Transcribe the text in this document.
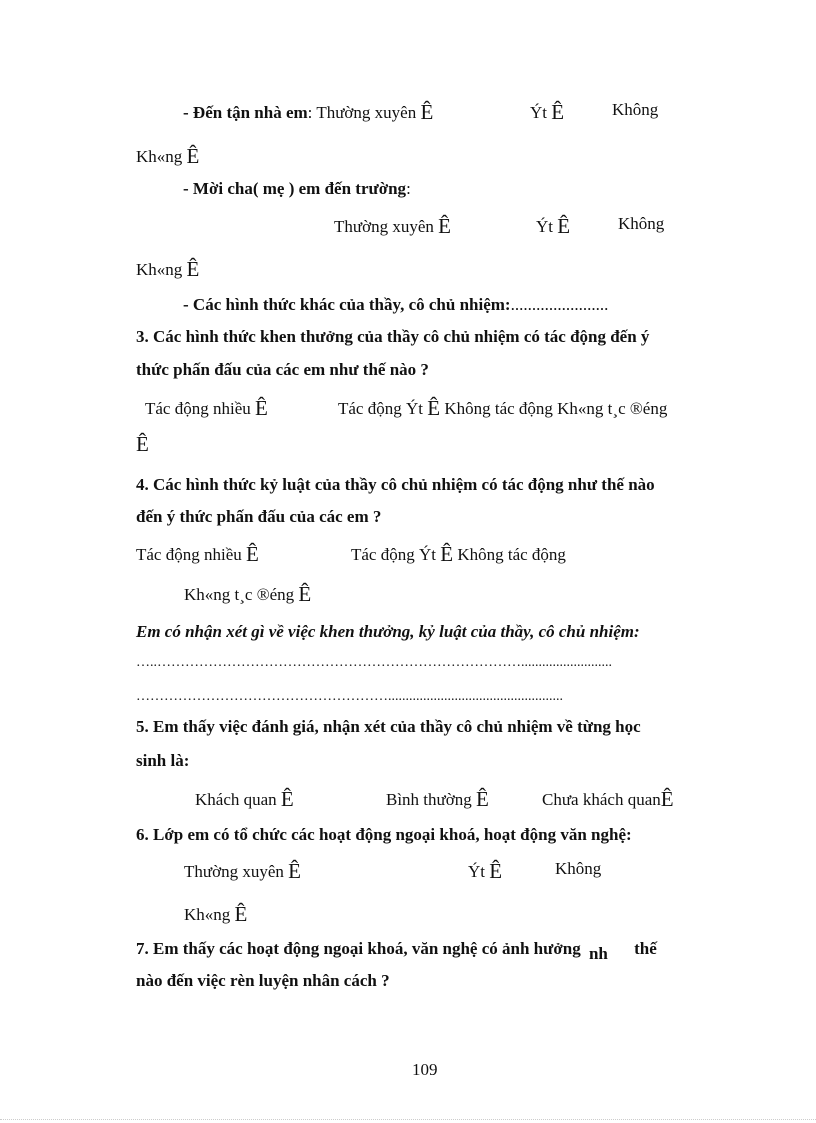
- Đến tận nhà em: Thường xuyên Ê	Ýt Ê	Không
Kh«ng Ê
- Mời cha( mẹ ) em đến trường:
Thường xuyên Ê	Ýt Ê	Không
Kh«ng Ê
- Các hình thức khác của thầy, cô chủ nhiệm:.......................
3. Các hình thức khen thưởng của thầy cô chủ nhiệm có tác động đến ý
thức phấn đấu của các em như thế nào ?
Tác động nhiều Ê	Tác động Ýt Ê Không tác động Kh«ng t¸c ®éng
Ê
4. Các hình thức kỷ luật của thầy cô chủ nhiệm có tác động như thế nào
đến ý thức phấn đấu của các em ?
Tác động nhiều Ê	Tác động Ýt Ê Không tác động
Kh«ng t¸c ®éng Ê
Em có nhận xét gì về việc khen thưởng, kỷ luật của thầy, cô chủ nhiệm:
…..……………………………………………………………………..........................
………………………………………………..................................................
5. Em thấy việc đánh giá, nhận xét của thầy cô chủ nhiệm về từng học
sinh là:
Khách quan Ê	Bình thường Ê	Chưa khách quanÊ
6. Lớp em có tổ chức các hoạt động ngoại khoá, hoạt động văn nghệ:
Thường xuyên Ê	Ýt Ê	Không
Kh«ng Ê
7. Em thấy các hoạt động ngoại khoá, văn nghệ có ảnh hưởng nh thế
nào đến việc rèn luyện nhân cách ?
109
